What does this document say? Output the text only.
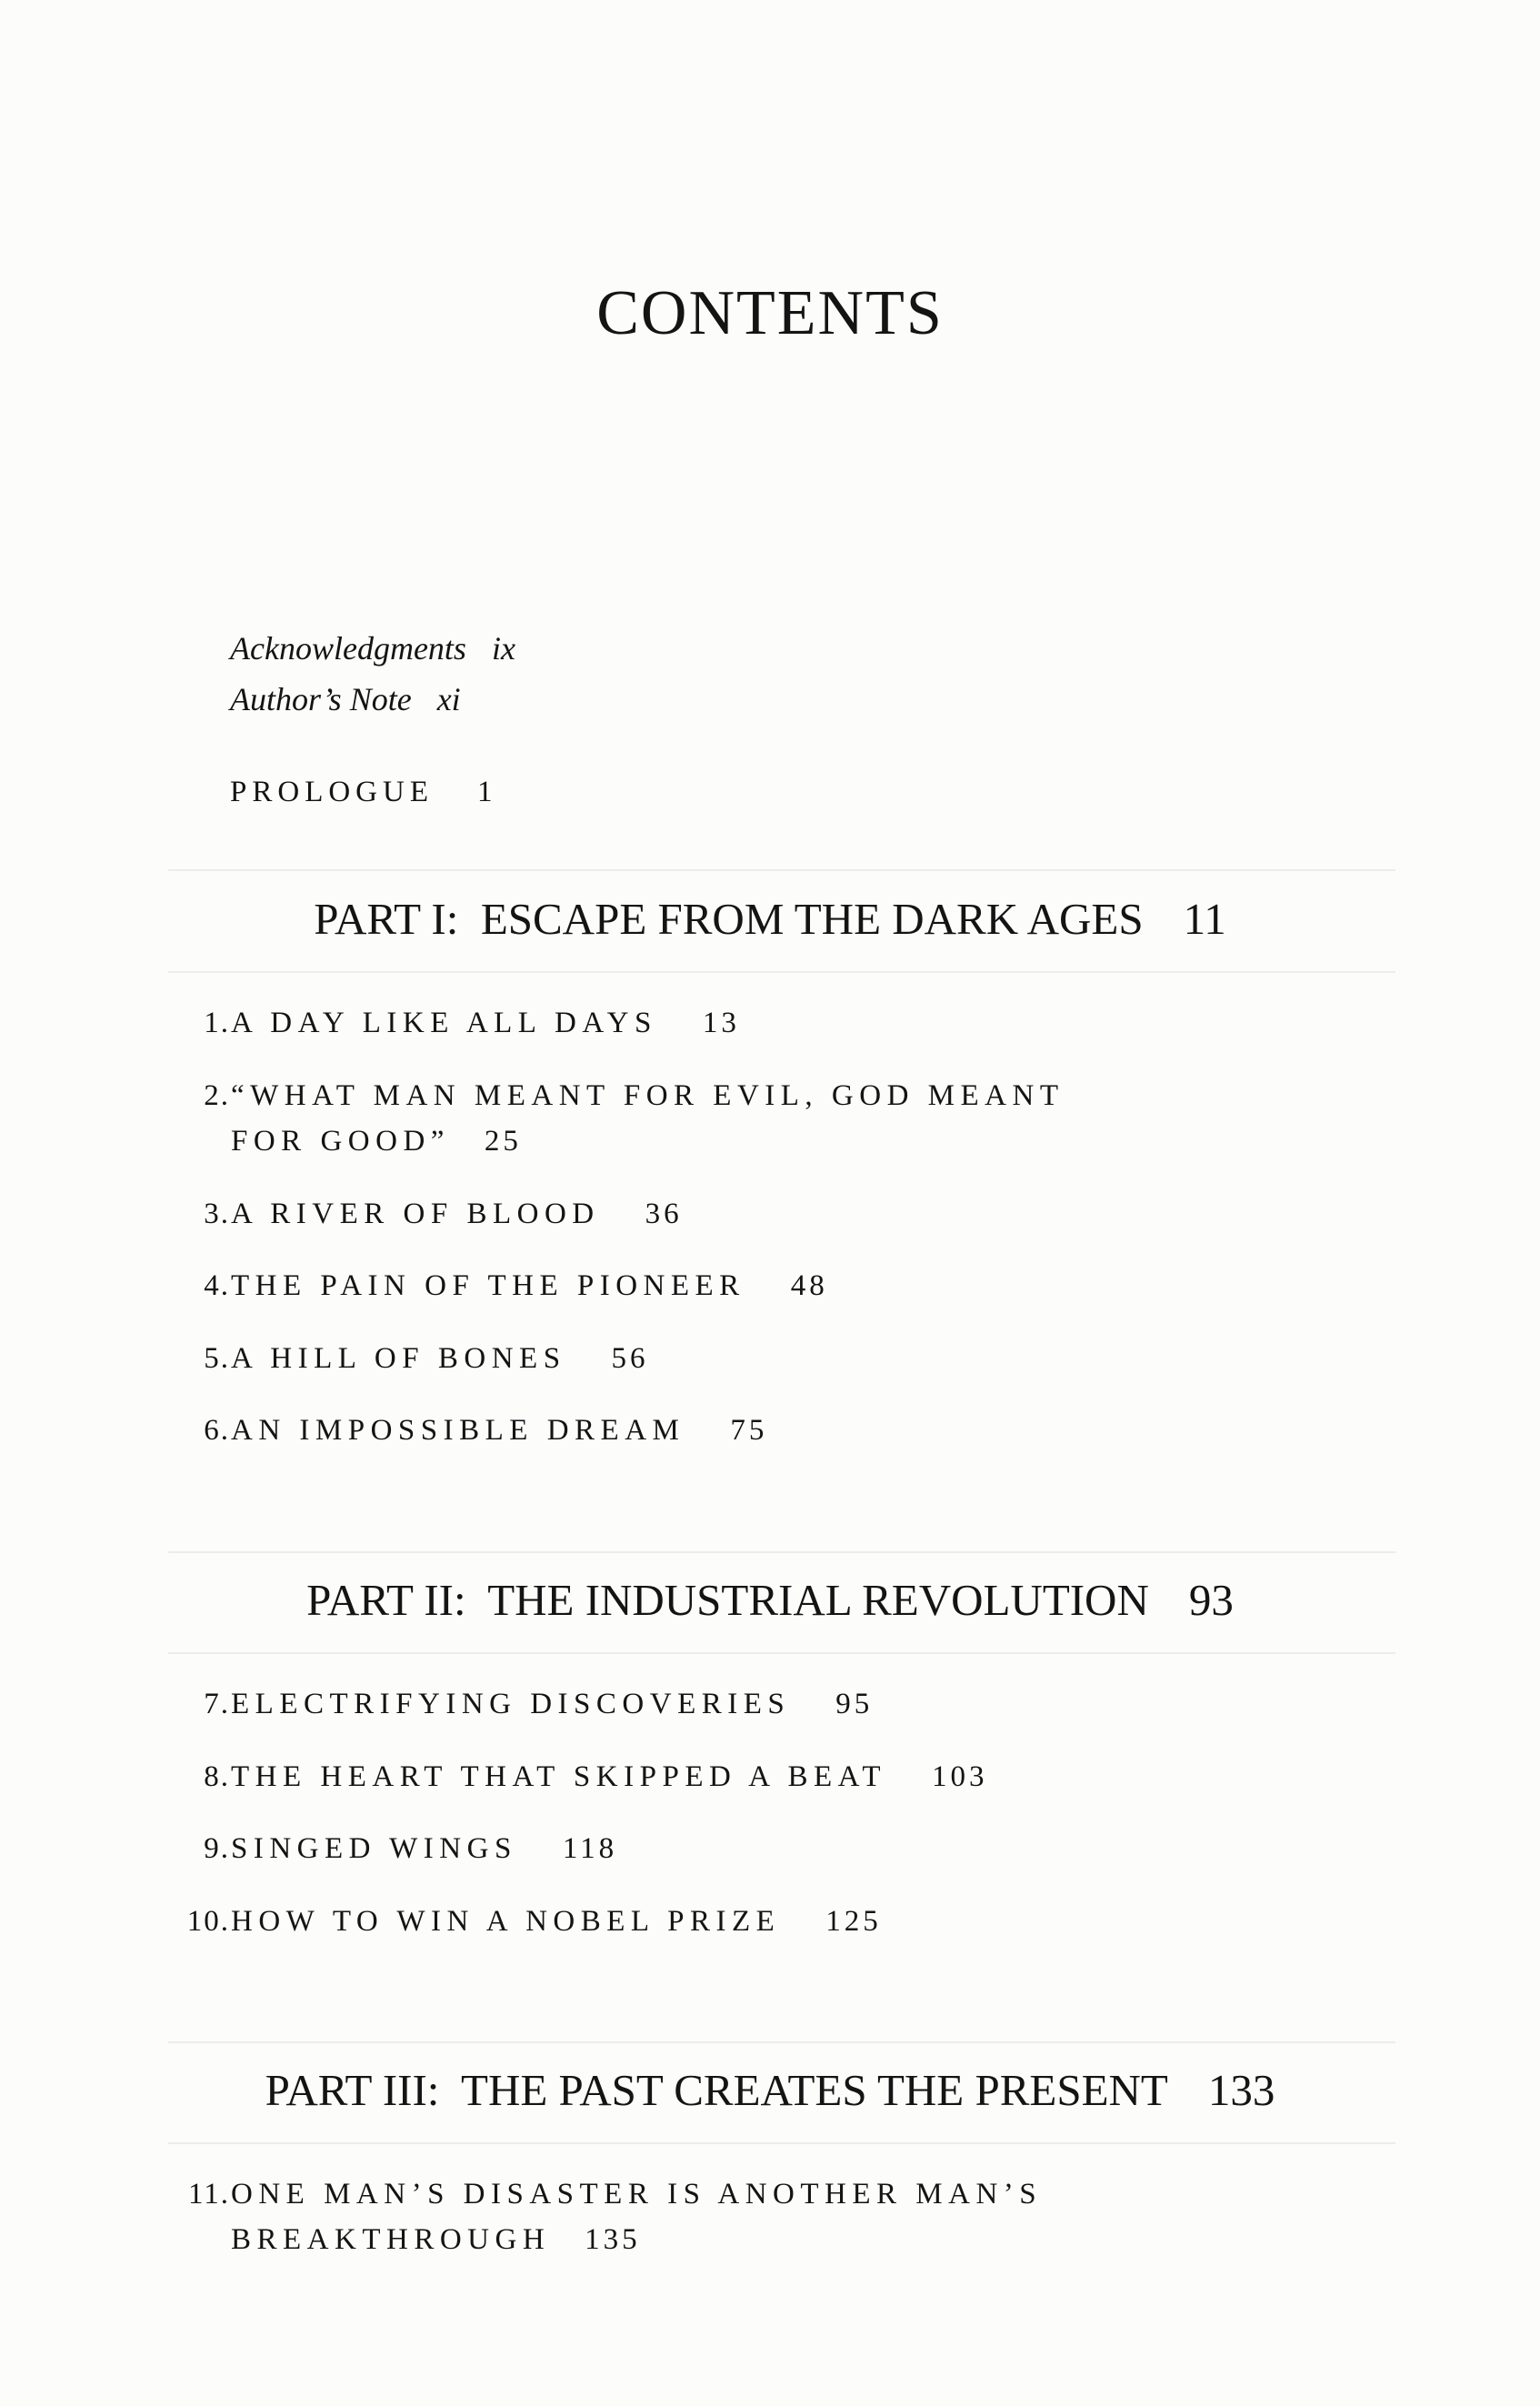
CONTENTS
Acknowledgments ix
Author’s Note xi
PROLOGUE 1
PART I: ESCAPE FROM THE DARK AGES 11
1.A DAY LIKE ALL DAYS 13
2.“WHAT MAN MEANT FOR EVIL, GOD MEANT
FOR GOOD” 25
3.A RIVER OF BLOOD 36
4.THE PAIN OF THE PIONEER 48
5.A HILL OF BONES 56
6.AN IMPOSSIBLE DREAM 75
PART II: THE INDUSTRIAL REVOLUTION 93
7.ELECTRIFYING DISCOVERIES 95
8.THE HEART THAT SKIPPED A BEAT 103
9.SINGED WINGS 118
10.HOW TO WIN A NOBEL PRIZE 125
PART III: THE PAST CREATES THE PRESENT 133
11.ONE MAN’S DISASTER IS ANOTHER MAN’S
BREAKTHROUGH 135
